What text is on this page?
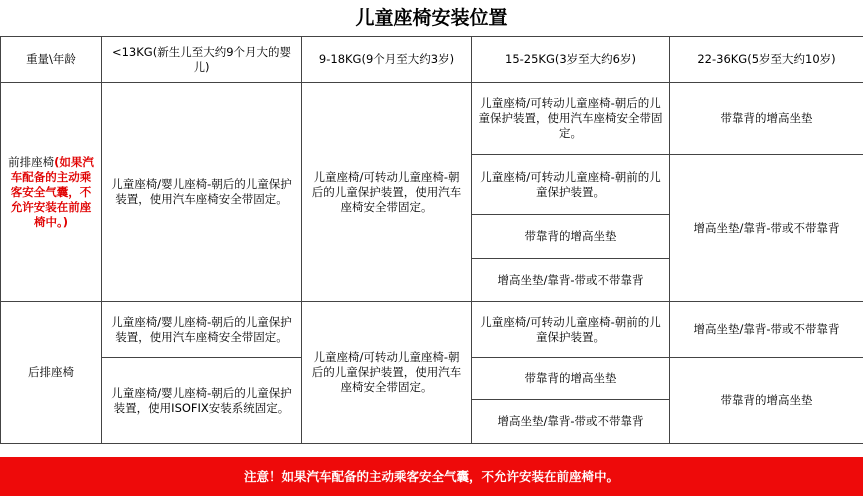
儿童座椅安装位置
重量\年龄	<13KG(新生儿至大约9个月大的婴儿)	9-18KG(9个月至大约3岁)	15-25KG(3岁至大约6岁)	22-36KG(5岁至大约10岁)
前排座椅(如果汽车配备的主动乘客安全气囊，不允许安装在前座椅中。)	儿童座椅/婴儿座椅-朝后的儿童保护装置，使用汽车座椅安全带固定。	儿童座椅/可转动儿童座椅-朝后的儿童保护装置，使用汽车座椅安全带固定。	儿童座椅/可转动儿童座椅-朝后的儿童保护装置，使用汽车座椅安全带固定。	带靠背的增高坐垫
			儿童座椅/可转动儿童座椅-朝前的儿童保护装置。	增高坐垫/靠背-带或不带靠背
			带靠背的增高坐垫	
			增高坐垫/靠背-带或不带靠背	
后排座椅	儿童座椅/婴儿座椅-朝后的儿童保护装置，使用汽车座椅安全带固定。	儿童座椅/可转动儿童座椅-朝后的儿童保护装置，使用汽车座椅安全带固定。	儿童座椅/可转动儿童座椅-朝前的儿童保护装置。	增高坐垫/靠背-带或不带靠背
	儿童座椅/婴儿座椅-朝后的儿童保护装置，使用ISOFIX安装系统固定。		带靠背的增高坐垫	带靠背的增高坐垫
			增高坐垫/靠背-带或不带靠背	
注意！如果汽车配备的主动乘客安全气囊，不允许安装在前座椅中。
